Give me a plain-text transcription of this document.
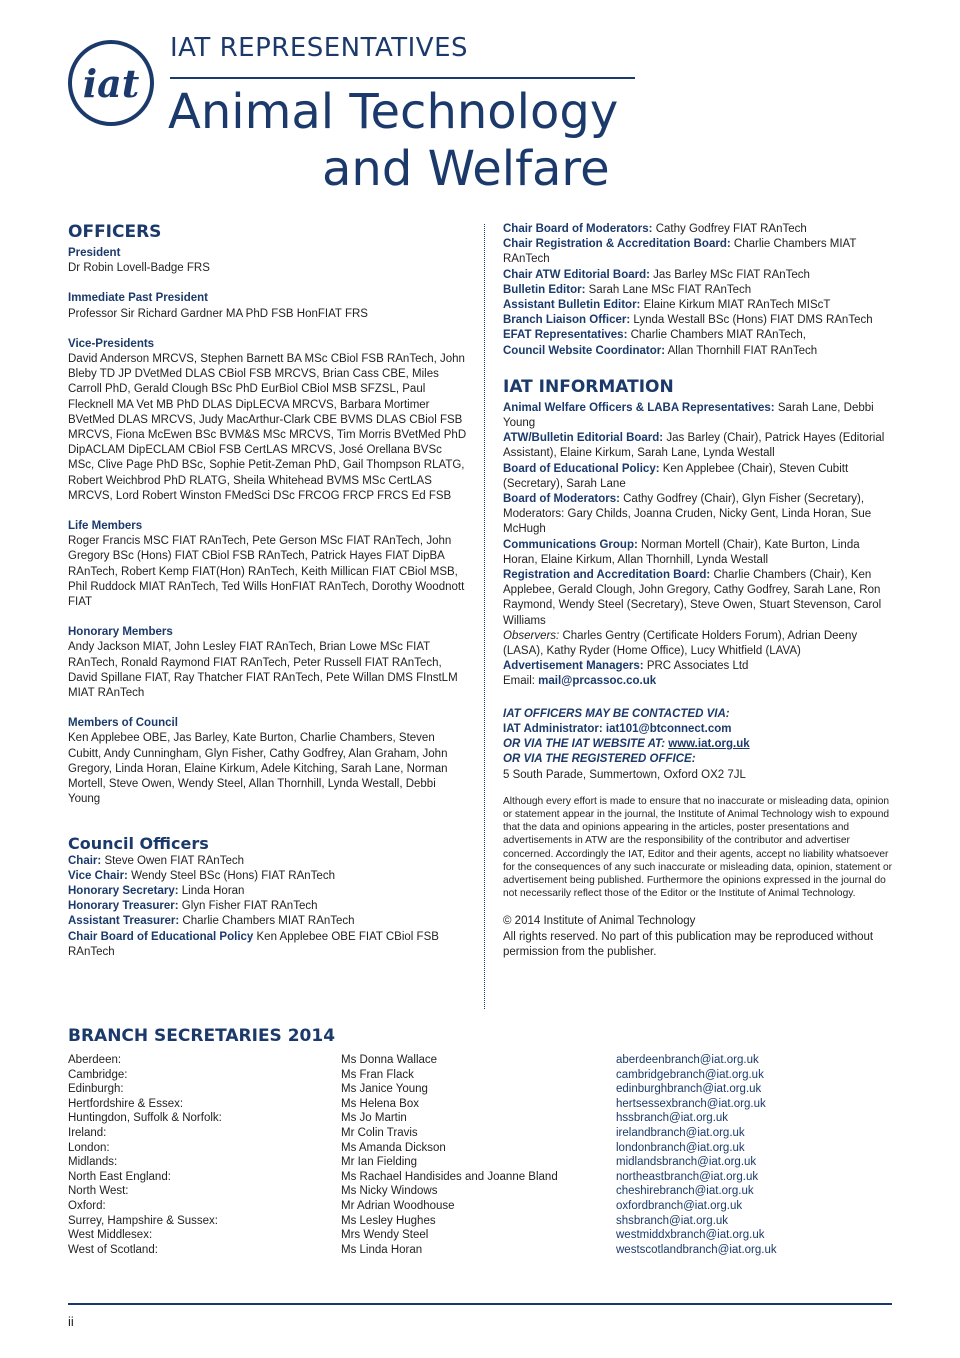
iat
IAT REPRESENTATIVES
Animal Technology
and Welfare
OFFICERS

President

Dr Robin Lovell-Badge FRS

Immediate Past President

Professor Sir Richard Gardner MA PhD FSB HonFIAT FRS

Vice-Presidents

David Anderson MRCVS, Stephen Barnett BA MSc CBiol FSB RAnTech, John Bleby TD JP DVetMed DLAS CBiol FSB MRCVS, Brian Cass CBE, Miles Carroll PhD, Gerald Clough BSc PhD EurBiol CBiol MSB SFZSL, Paul Flecknell MA Vet MB PhD DLAS DipLECVA MRCVS, Barbara Mortimer BVetMed DLAS MRCVS, Judy MacArthur-Clark CBE BVMS DLAS CBiol FSB MRCVS, Fiona McEwen BSc BVM&S MSc MRCVS, Tim Morris BVetMed PhD DipACLAM DipECLAM CBiol FSB CertLAS MRCVS, José Orellana BVSc MSc, Clive Page PhD BSc, Sophie Petit-Zeman PhD, Gail Thompson RLATG, Robert Weichbrod PhD RLATG, Sheila Whitehead BVMS MSc CertLAS MRCVS, Lord Robert Winston FMedSci DSc FRCOG FRCP FRCS Ed FSB

Life Members

Roger Francis MSC FIAT RAnTech, Pete Gerson MSc FIAT RAnTech, John Gregory BSc (Hons) FIAT CBiol FSB RAnTech, Patrick Hayes FIAT DipBA RAnTech, Robert Kemp FIAT(Hon) RAnTech, Keith Millican FIAT CBiol MSB, Phil Ruddock MIAT RAnTech, Ted Wills HonFIAT RAnTech, Dorothy Woodnott FIAT

Honorary Members

Andy Jackson MIAT, John Lesley FIAT RAnTech, Brian Lowe MSc FIAT RAnTech, Ronald Raymond FIAT RAnTech, Peter Russell FIAT RAnTech, David Spillane FIAT, Ray Thatcher FIAT RAnTech, Pete Willan DMS FInstLM MIAT RAnTech

Members of Council

Ken Applebee OBE, Jas Barley, Kate Burton, Charlie Chambers, Steven Cubitt, Andy Cunningham, Glyn Fisher, Cathy Godfrey, Alan Graham, John Gregory, Linda Horan, Elaine Kirkum, Adele Kitching, Sarah Lane, Norman Mortell, Steve Owen, Wendy Steel, Allan Thornhill, Lynda Westall, Debbi Young

Council Officers

Chair: Steve Owen FIAT RAnTech

Vice Chair: Wendy Steel BSc (Hons) FIAT RAnTech

Honorary Secretary: Linda Horan

Honorary Treasurer: Glyn Fisher FIAT RAnTech

Assistant Treasurer: Charlie Chambers MIAT RAnTech

Chair Board of Educational Policy Ken Applebee OBE FIAT CBiol FSB RAnTech

Chair Board of Moderators: Cathy Godfrey FIAT RAnTech

Chair Registration & Accreditation Board: Charlie Chambers MIAT RAnTech

Chair ATW Editorial Board: Jas Barley MSc FIAT RAnTech

Bulletin Editor: Sarah Lane MSc FIAT RAnTech

Assistant Bulletin Editor: Elaine Kirkum MIAT RAnTech MIScT

Branch Liaison Officer: Lynda Westall BSc (Hons) FIAT DMS RAnTech

EFAT Representatives: Charlie Chambers MIAT RAnTech,

Council Website Coordinator: Allan Thornhill FIAT RAnTech

IAT INFORMATION

Animal Welfare Officers & LABA Representatives: Sarah Lane, Debbi Young

ATW/Bulletin Editorial Board: Jas Barley (Chair), Patrick Hayes (Editorial Assistant), Elaine Kirkum, Sarah Lane, Lynda Westall

Board of Educational Policy: Ken Applebee (Chair), Steven Cubitt (Secretary), Sarah Lane

Board of Moderators: Cathy Godfrey (Chair), Glyn Fisher (Secretary), Moderators: Gary Childs, Joanna Cruden, Nicky Gent, Linda Horan, Sue McHugh

Communications Group: Norman Mortell (Chair), Kate Burton, Linda Horan, Elaine Kirkum, Allan Thornhill, Lynda Westall

Registration and Accreditation Board: Charlie Chambers (Chair), Ken Applebee, Gerald Clough, John Gregory, Cathy Godfrey, Sarah Lane, Ron Raymond, Wendy Steel (Secretary), Steve Owen, Stuart Stevenson, Carol Williams

Observers: Charles Gentry (Certificate Holders Forum), Adrian Deeny (LASA), Kathy Ryder (Home Office), Lucy Whitfield (LAVA)

Advertisement Managers: PRC Associates Ltd

Email: mail@prcassoc.co.uk

IAT OFFICERS MAY BE CONTACTED VIA:

IAT Administrator: iat101@btconnect.com

OR VIA THE IAT WEBSITE AT: www.iat.org.uk

OR VIA THE REGISTERED OFFICE:

5 South Parade, Summertown, Oxford OX2 7JL

Although every effort is made to ensure that no inaccurate or misleading data, opinion or statement appear in the journal, the Institute of Animal Technology wish to expound that the data and opinions appearing in the articles, poster presentations and advertisements in ATW are the responsibility of the contributor and advertiser concerned. Accordingly the IAT, Editor and their agents, accept no liability whatsoever for the consequences of any such inaccurate or misleading data, opinion, statement or advertisement being published. Furthermore the opinions expressed in the journal do not necessarily reflect those of the Editor or the Institute of Animal Technology.

© 2014 Institute of Animal Technology

All rights reserved. No part of this publication may be reproduced without permission from the publisher.

BRANCH SECRETARIES 2014
Aberdeen:	Ms Donna Wallace	aberdeenbranch@iat.org.uk
Cambridge:	Ms Fran Flack	cambridgebranch@iat.org.uk
Edinburgh:	Ms Janice Young	edinburghbranch@iat.org.uk
Hertfordshire & Essex:	Ms Helena Box	hertsessexbranch@iat.org.uk
Huntingdon, Suffolk & Norfolk:	Ms Jo Martin	hssbranch@iat.org.uk
Ireland:	Mr Colin Travis	irelandbranch@iat.org.uk
London:	Ms Amanda Dickson	londonbranch@iat.org.uk
Midlands:	Mr Ian Fielding	midlandsbranch@iat.org.uk
North East England:	Ms Rachael Handisides and Joanne Bland	northeastbranch@iat.org.uk
North West:	Ms Nicky Windows	cheshirebranch@iat.org.uk
Oxford:	Mr Adrian Woodhouse	oxfordbranch@iat.org.uk
Surrey, Hampshire & Sussex:	Ms Lesley Hughes	shsbranch@iat.org.uk
West Middlesex:	Mrs Wendy Steel	westmiddxbranch@iat.org.uk
West of Scotland:	Ms Linda Horan	westscotlandbranch@iat.org.uk
ii
